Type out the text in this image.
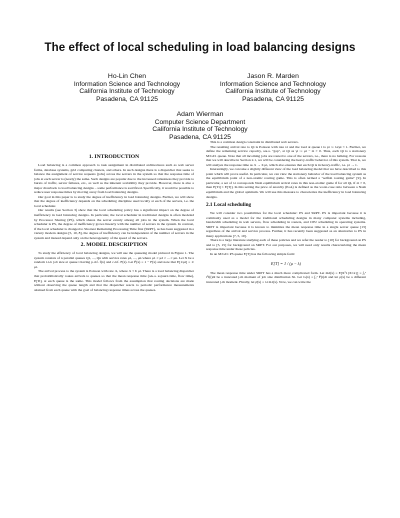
The effect of local scheduling in load balancing designs
Ho-Lin Chen
Information Science and Technology
California Institute of Technology
Pasadena, CA 91125
Jason R. Marden
Information Science and Technology
California Institute of Technology
Pasadena, CA 91125
Adam Wierman
Computer Science Department
California Institute of Technology
Pasadena, CA 91125
1. INTRODUCTION

Load balancing is a common approach to task assignment in distributed architectures such as web server farms, database systems, grid computing clusters, and others. In such designs there is a dispatcher that seeks to balance the assignment of service requests (jobs) across the servers in the system so that the response time of jobs at each server is (nearly) the same. Such designs are popular due to the increased robustness they provide to bursts of traffic, server failures, etc., as well as the inherent scalability they provide. However, there is also a major drawback to load balancing designs – some performance is sacrificed. Specifically, it would be possible to reduce user response times by moving away from load balancing designs.

Our goal in this paper is to study the degree of inefficiency in load balancing designs. Further, we will show that the degree of inefficiency depends on the scheduling discipline used locally at each of the servers, i.e. the local scheduler.

Our results (see Section 3) show that the local scheduling policy has a significant impact on the degree of inefficiency in load balancing designs. In particular, the local scheduler in traditional designs is often modeled by Processor Sharing (PS), which shares the server evenly among all jobs in the system. When the local scheduler is PS, the degree of inefficiency grows linearly with the number of servers in the system. In contrast, if the local scheduler is changed to Shortest Remaining Processing Time first (SRPT), as has been suggested in a variety modern designs [5, 10, 8], the degree of inefficiency can be independent of the number of servers in the system and instead depend only on the heterogeneity of the speed of the servers.

2. MODEL DESCRIPTION

To study the efficiency of local balancing designs, we will use the queueing model pictured in Figure 1. The system consists of n parallel queues Q1, ..., Qn with service rates μ1, ..., μn where μ1 ≥ μ2 ≥ ... ≥ μn. Let X be a random i.i.d. job size at queue i having p.d.f. f(x) and c.d.f. F(x). Let F̄(x) = 1 − F(x) and note that E[1/μi] = 1/μi.

The arrival process to the system is Poisson with rate Λ, where Λ < Σ μi. There is a load balancing dispatcher that probabilistically routes arrivals to queues so that the mean response time (a.k.a. sojourn time, flow time), E[Ti], at each queue is the same. This model follows from the assumption that routing decisions are made without observing the queue length and that the dispatcher reacts to periodic performance measurements attained from each queue with the goal of balancing response times across the queues.

This is a common design constraint in distributed web servers.

The resulting arrival rate to Qi is Poisson with rate λi and the load at queue i is ρi := λi/μi < 1. Further, we define the remaining service capacity, a.k.a. "gap", at Qi as γi := μi − λi > 0. Thus, each Qi is a stationary M/GI/1 queue. Note that all incoming jobs are routed to one of the servers, i.e., there is no balking. For reasons that we will describe in Section 2.1, we will be considering the heavy-traffic behavior of this system. That is, we will analyze the response time as Λ → Σ μi, which also ensures that each Qi is in heavy-traffic, i.e. ρi → 1.

Interestingly, we can take a slightly different view of the load balancing model that we have described to this point which will prove useful. In particular, we can view the stationary behavior of the load balancing system as the equilibrium point of a non-atomic routing game. This is often termed a "selfish routing game" [9]. In particular, a set of λi corresponds Nash equilibrium arrival rates in this non-atomic game if for all Qi, if λi > 0, then E[Ti] ≤ E[Tj]. In this setting the price of anarchy (PoA) is defined as the worst-case ratio between a Nash equilibrium and the global optimum. We will use this measure to characterize the inefficiency in load balancing designs.

2.1 Local scheduling

We will consider two possibilities for the local scheduler: PS and SRPT. PS is important because it is commonly used as a model for the traditional scheduling designs in many computer systems including, bandwidth scheduling in web servers, flow scheduling in routers, and CPU scheduling in operating systems. SRPT is important because it is known to minimize the mean response time in a single server queue [13] regardless of the arrival and service process. Further, it has recently been suggested as an alternative to PS in many applications [7, 5, 10].

There is a large literature studying each of these policies and we refer the reader to [10] for background on PS and to [5, 15] for background on SRPT. For our purposes, we will need only results characterizing the mean response time under these policies.

In an M/GI/1 PS queue E[T] has the following simple form:

E[T] = 1 / (μ − λ)

The mean response time under SRPT has a much more complicated form. Let m2(x) = E[X²1{X≤x}] = ∫₀ˣ t²f(t)dt be a truncated j-th moment of job size distribution Xi. Let G(x) = ∫₀ˣ F̄(t)dt and let ρ(x) be a different truncated j-th moment. Finally, let ρ̄(x) = λi m1(x). Now, we can write the
